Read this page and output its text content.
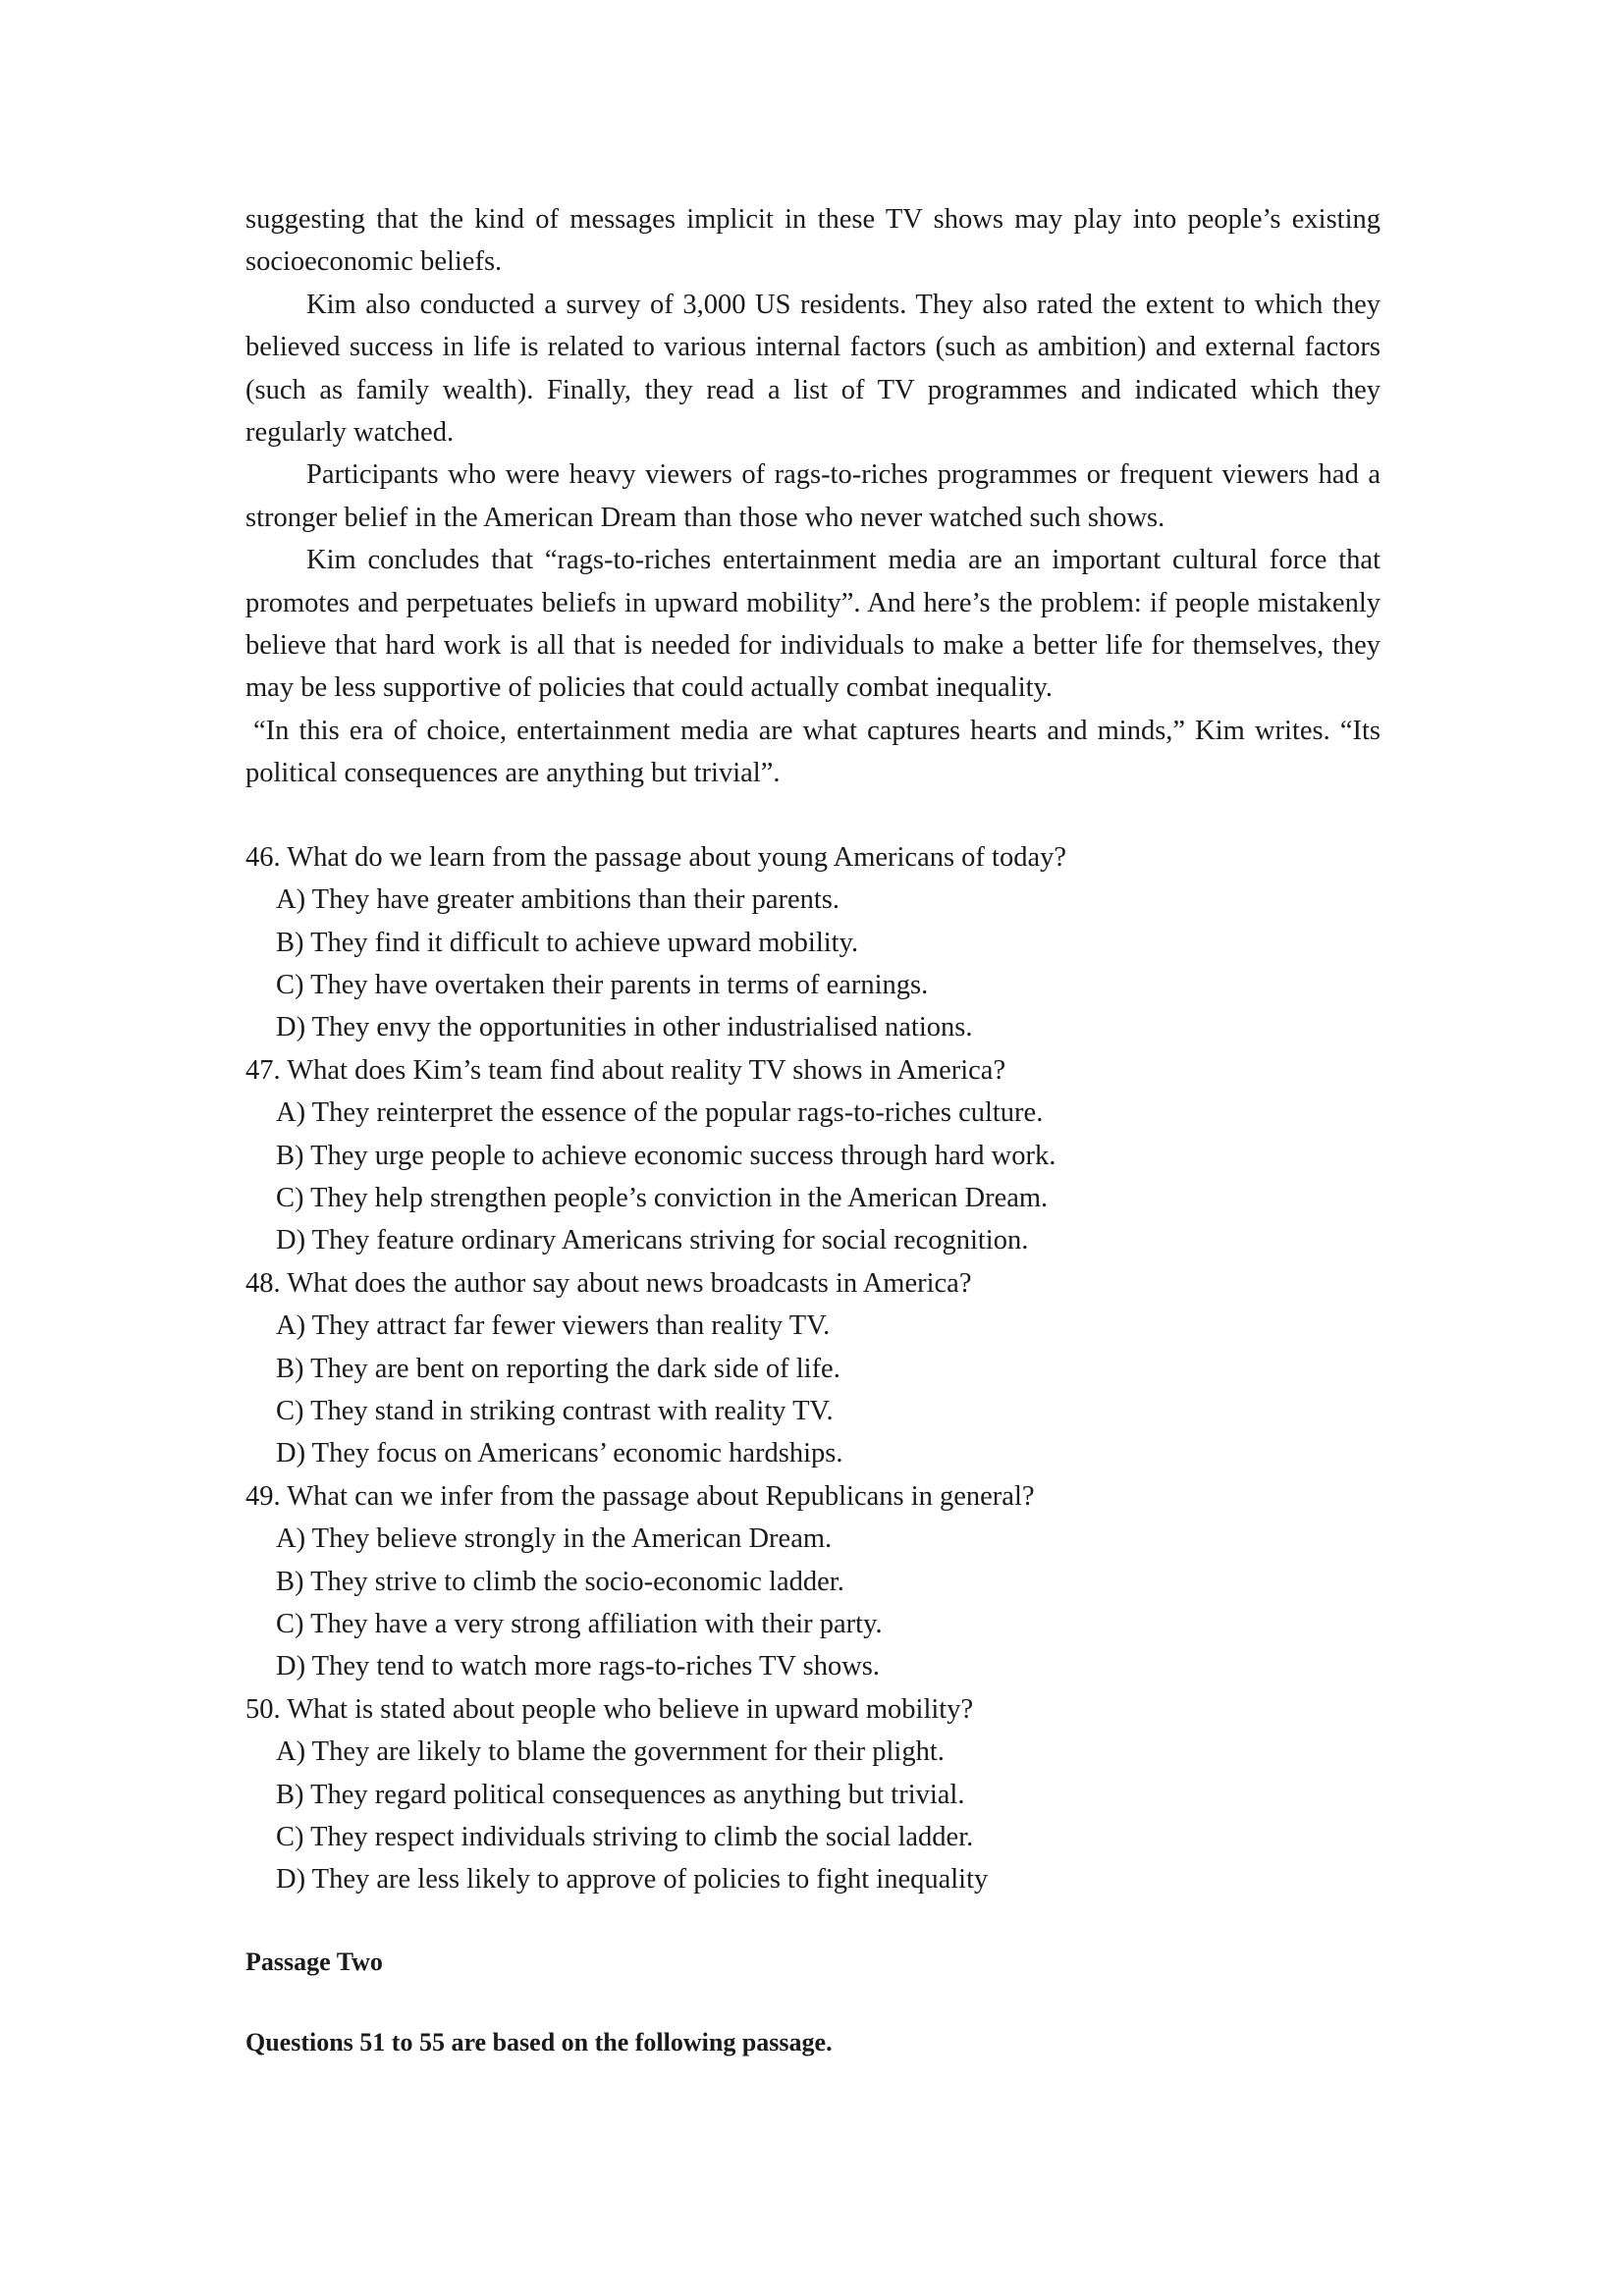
suggesting that the kind of messages implicit in these TV shows may play into people’s existing socioeconomic beliefs.

Kim also conducted a survey of 3,000 US residents. They also rated the extent to which they believed success in life is related to various internal factors (such as ambition) and external factors (such as family wealth). Finally, they read a list of TV programmes and indicated which they regularly watched.

Participants who were heavy viewers of rags-to-riches programmes or frequent viewers had a stronger belief in the American Dream than those who never watched such shows.

Kim concludes that “rags-to-riches entertainment media are an important cultural force that promotes and perpetuates beliefs in upward mobility”. And here’s the problem: if people mistakenly believe that hard work is all that is needed for individuals to make a better life for themselves, they may be less supportive of policies that could actually combat inequality.

“In this era of choice, entertainment media are what captures hearts and minds,” Kim writes. “Its political consequences are anything but trivial”.

46. What do we learn from the passage about young Americans of today?

A) They have greater ambitions than their parents.

B) They find it difficult to achieve upward mobility.

C) They have overtaken their parents in terms of earnings.

D) They envy the opportunities in other industrialised nations.

47. What does Kim’s team find about reality TV shows in America?

A) They reinterpret the essence of the popular rags-to-riches culture.

B) They urge people to achieve economic success through hard work.

C) They help strengthen people’s conviction in the American Dream.

D) They feature ordinary Americans striving for social recognition.

48. What does the author say about news broadcasts in America?

A) They attract far fewer viewers than reality TV.

B) They are bent on reporting the dark side of life.

C) They stand in striking contrast with reality TV.

D) They focus on Americans’ economic hardships.

49. What can we infer from the passage about Republicans in general?

A) They believe strongly in the American Dream.

B) They strive to climb the socio-economic ladder.

C) They have a very strong affiliation with their party.

D) They tend to watch more rags-to-riches TV shows.

50. What is stated about people who believe in upward mobility?

A) They are likely to blame the government for their plight.

B) They regard political consequences as anything but trivial.

C) They respect individuals striving to climb the social ladder.

D) They are less likely to approve of policies to fight inequality

Passage Two

Questions 51 to 55 are based on the following passage.
